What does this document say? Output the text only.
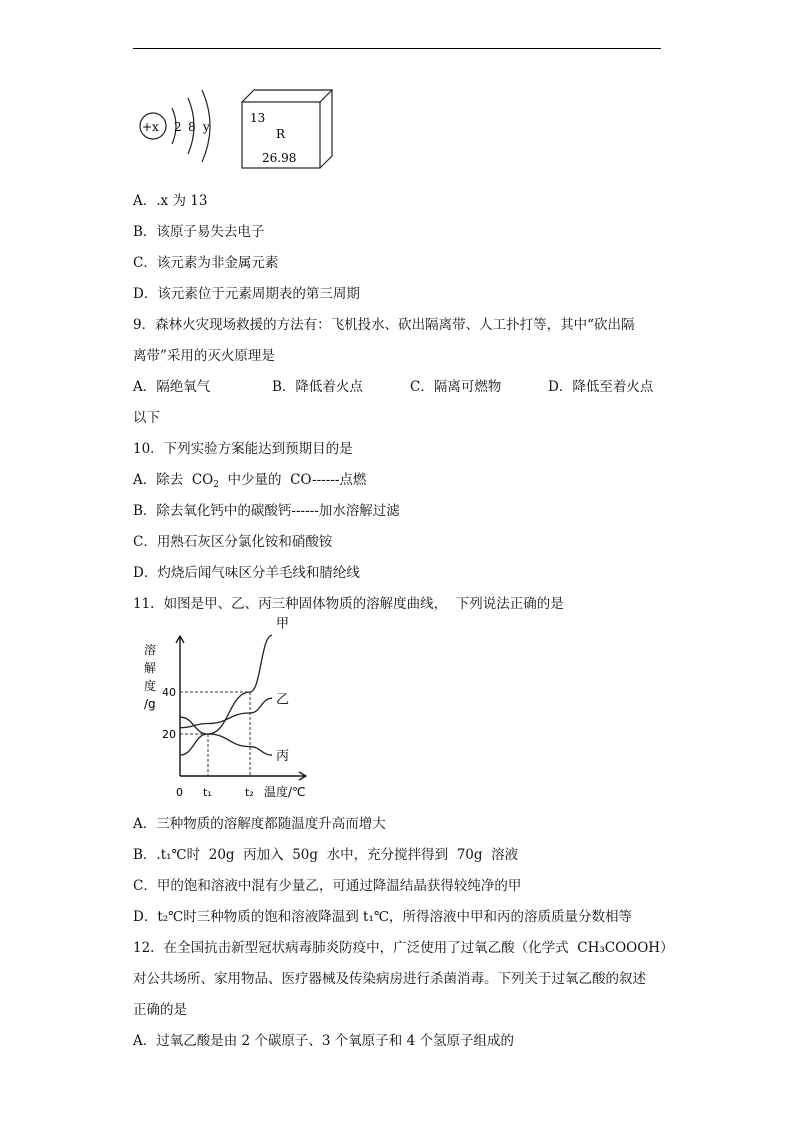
+x 2 8 y
13
R
26.98
A．.x 为 13
B．该原子易失去电子
C．该元素为非金属元素
D．该元素位于元素周期表的第三周期
9．森林火灾现场救援的方法有：飞机投水、砍出隔离带、人工扑打等，其中“砍出隔
离带”采用的灭火原理是
A．隔绝氧气	B．降低着火点	C．隔离可燃物	D．降低至着火点
以下
10．下列实验方案能达到预期目的是
A．除去  $CO_2$  中少量的  CO------点燃
B．除去氧化钙中的碳酸钙------加水溶解过滤
C．用熟石灰区分氯化铵和硝酸铵
D．灼烧后闻气味区分羊毛线和腈纶线
11．如图是甲、乙、丙三种固体物质的溶解度曲线，  下列说法正确的是
甲
乙
丙
20
40
0 t₁	t₂ 温度/℃
溶
解
度
/g
A．三种物质的溶解度都随温度升高而增大
B．.t₁℃时  20g  丙加入  50g  水中，充分搅拌得到  70g  溶液
C．甲的饱和溶液中混有少量乙，可通过降温结晶获得较纯净的甲
D．t₂℃时三种物质的饱和溶液降温到 t₁℃，所得溶液中甲和丙的溶质质量分数相等
12．在全国抗击新型冠状病毒肺炎防疫中，广泛使用了过氧乙酸（化学式  CH₃COOOH）
对公共场所、家用物品、医疗器械及传染病房进行杀菌消毒。下列关于过氧乙酸的叙述
正确的是
A．过氧乙酸是由 2 个碳原子、3 个氧原子和 4 个氢原子组成的
